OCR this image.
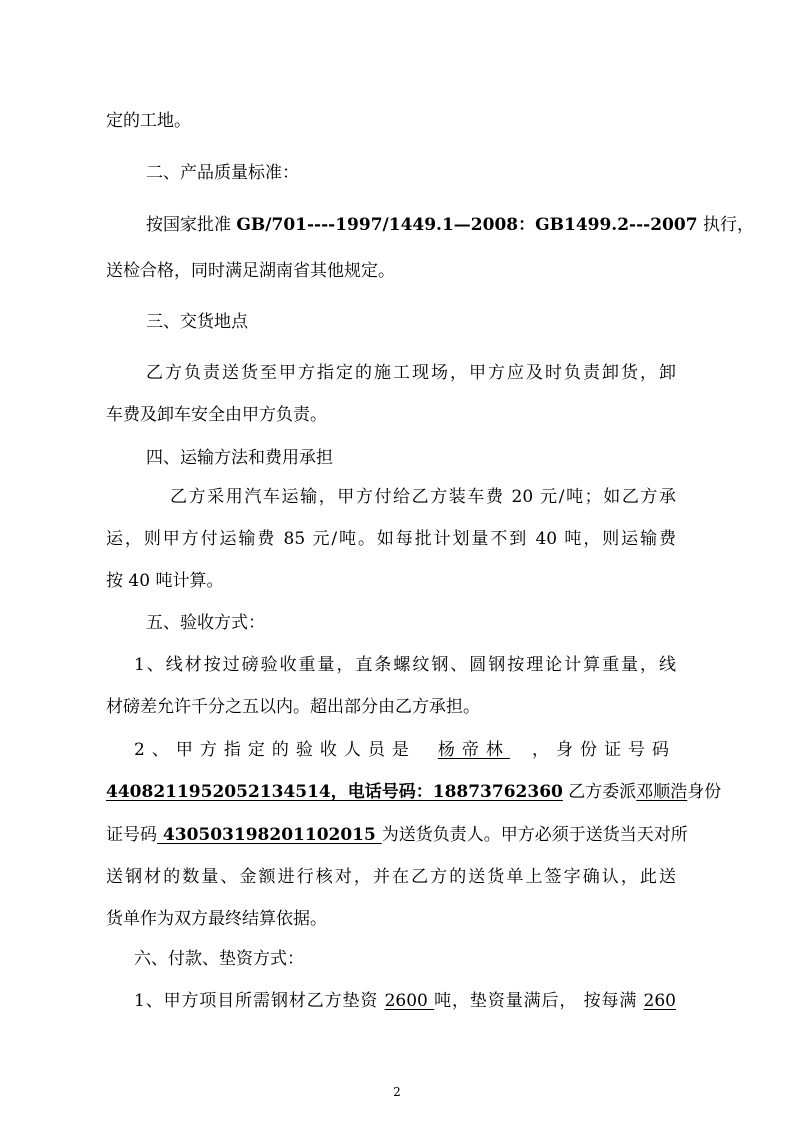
定的工地。
二、产品质量标准：
按国家批准 GB/701----1997/1449.1—2008：GB1499.2---2007 执行，
送检合格，同时满足湖南省其他规定。
三、交货地点
乙方负责送货至甲方指定的施工现场，甲方应及时负责卸货，卸
车费及卸车安全由甲方负责。
四、运输方法和费用承担
乙方采用汽车运输，甲方付给乙方装车费 20 元/吨；如乙方承
运，则甲方付运输费 85 元/吨。如每批计划量不到 40 吨，则运输费
按 40 吨计算。
五、验收方式：
1、线材按过磅验收重量，直条螺纹钢、圆钢按理论计算重量，线
材磅差允许千分之五以内。超出部分由乙方承担。
2、甲方指定的验收人员是 杨帝林 ，身份证号码
440821195205213451​4，电话号码：18873762360 乙方委派邓顺浩身份
证号码 430503198201102015 为送货负责人。甲方必须于送货当天对所
送钢材的数量、金额进行核对，并在乙方的送货单上签字确认，此送
货单作为双方最终结算依据。
六、付款、垫资方式：
1、甲方项目所需钢材乙方垫资 2600 吨，垫资量满后， 按每满 260
2
